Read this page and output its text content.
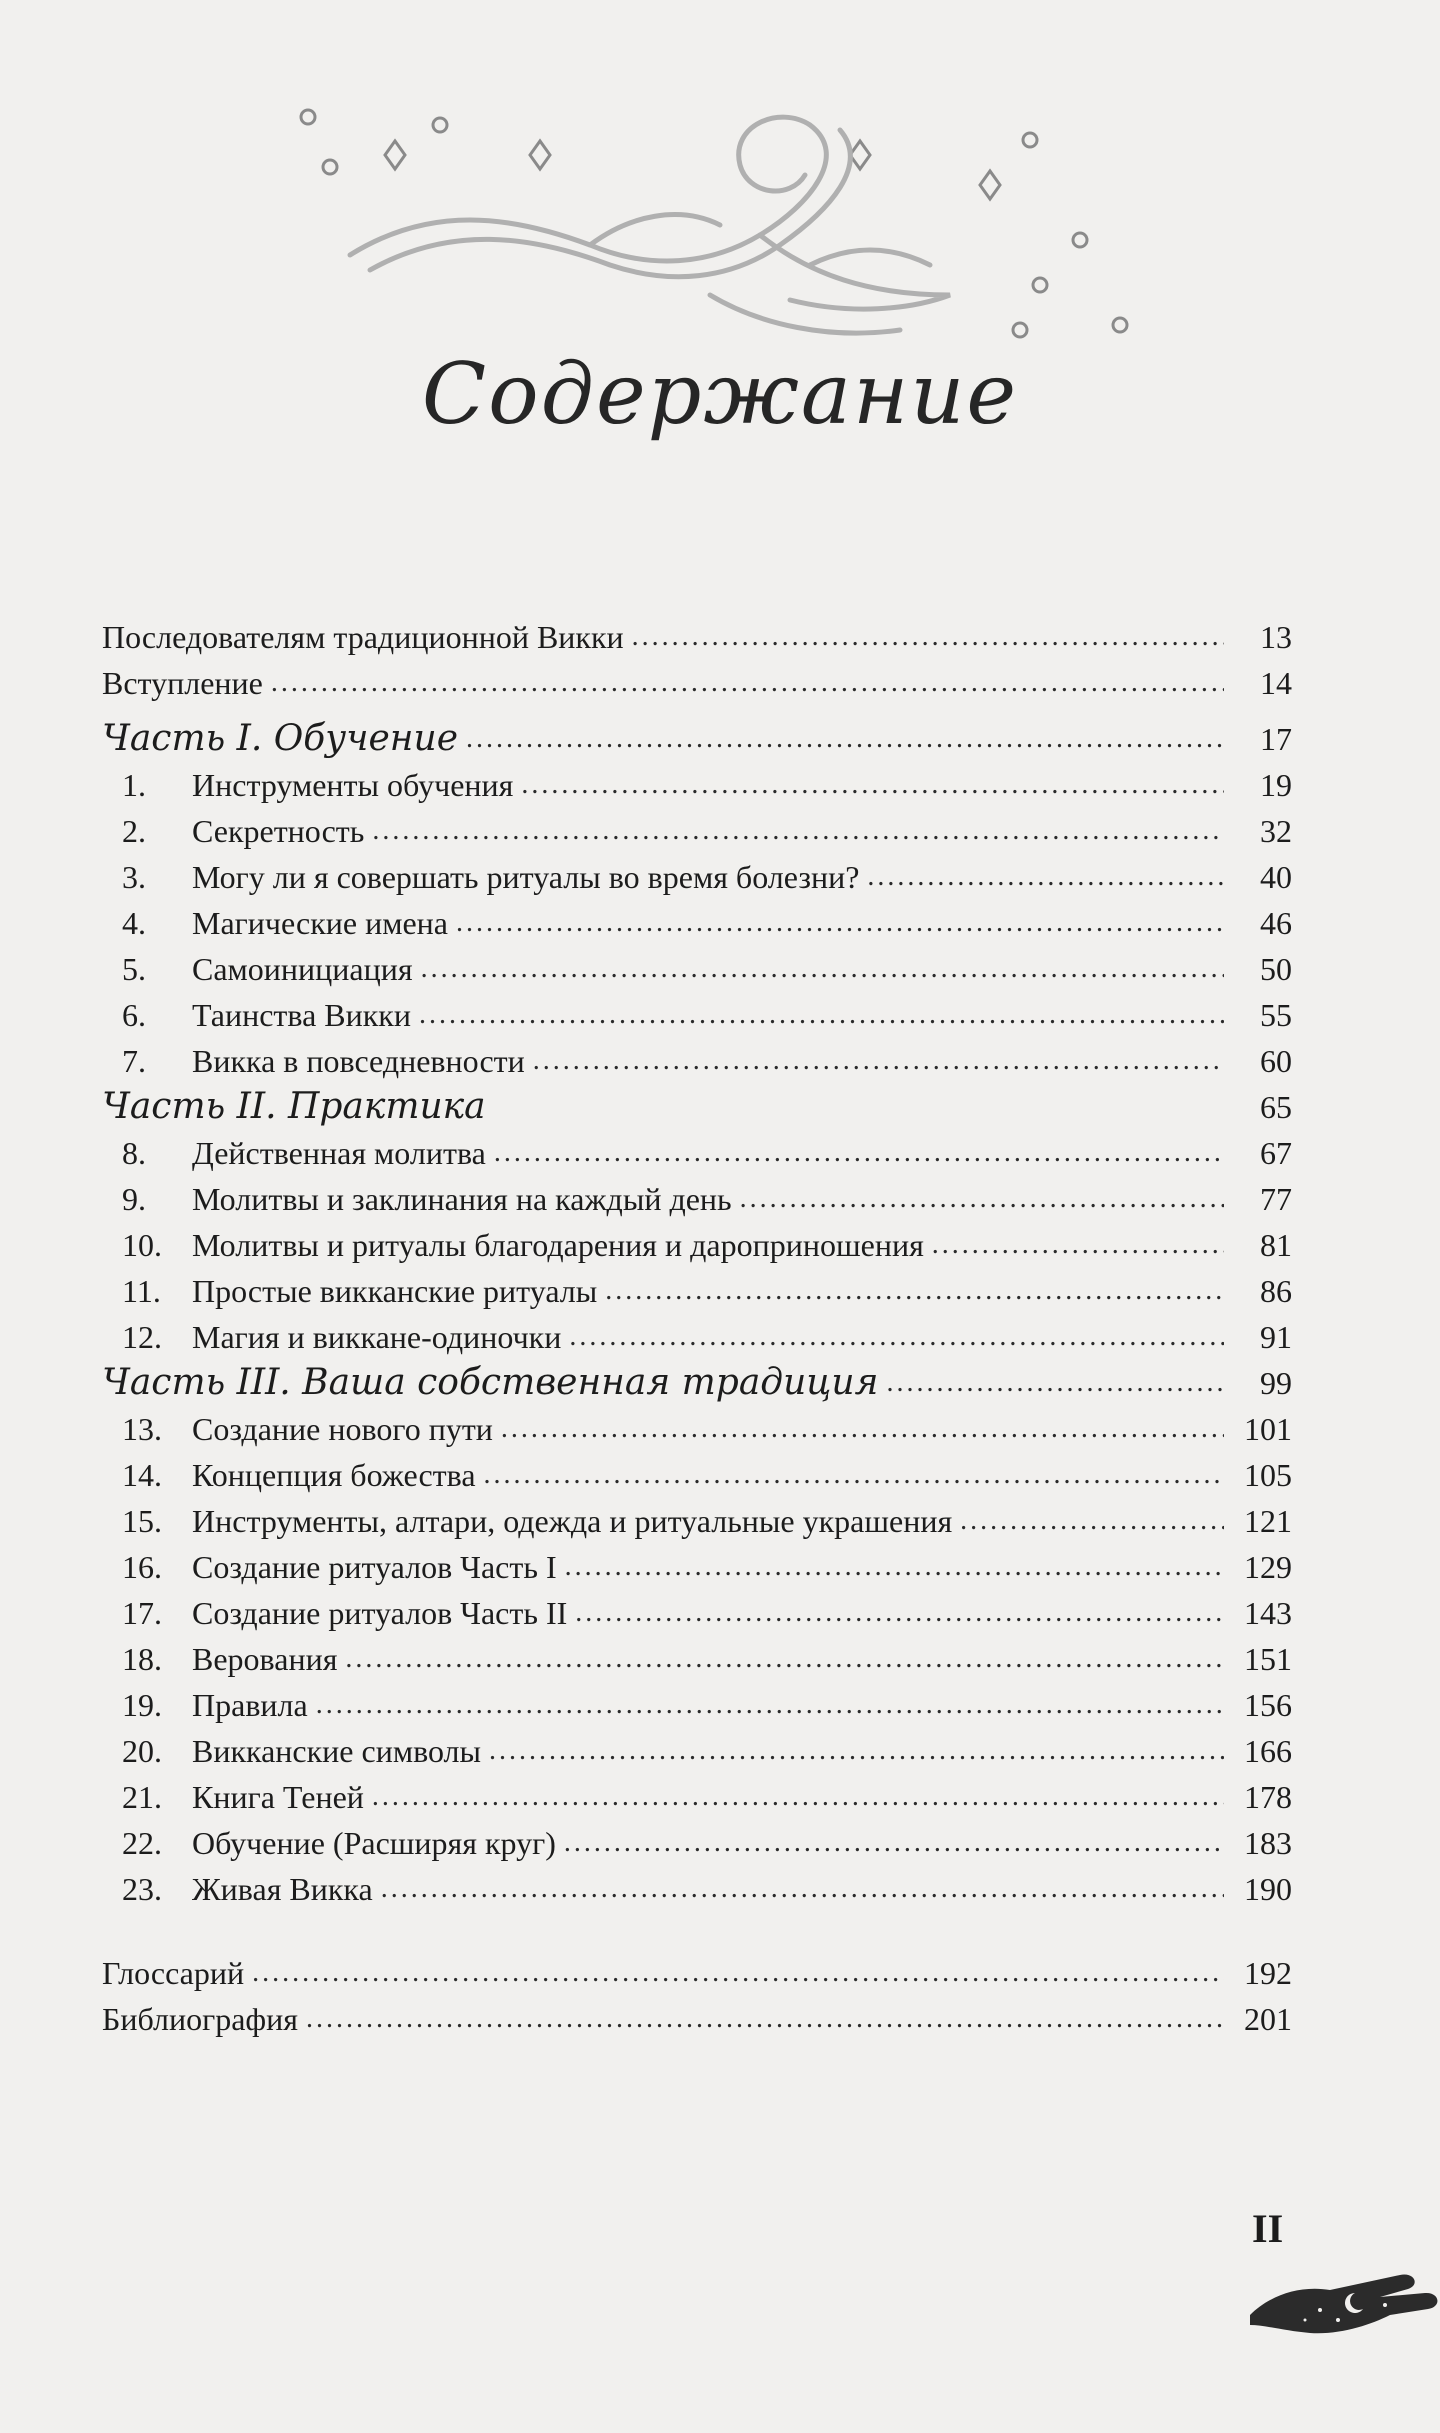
Содержание
Последователям традиционной Викки . . .	13
Вступление . . .	14
Часть I. Обучение . . .	17
1.	Инструменты обучения . . .	19
2.	Секретность . . .	32
3.	Могу ли я совершать ритуалы во время болезни? . . .	40
4.	Магические имена . . .	46
5.	Самоинициация . . .	50
6.	Таинства Викки . . .	55
7.	Викка в повседневности . . .	60
Часть II. Практика	65
8.	Действенная молитва . . .	67
9.	Молитвы и заклинания на каждый день . . .	77
10. Молитвы и ритуалы благодарения и дароприношения . . .	81
11. Простые викканские ритуалы . . .	86
12. Магия и виккане-одиночки . . .	91
Часть III. Ваша собственная традиция . . .	99
13. Создание нового пути . . .	101
14. Концепция божества . . .	105
15. Инструменты, алтари, одежда и ритуальные украшения . . .	121
16. Создание ритуалов Часть I . . .	129
17. Создание ритуалов Часть II . . .	143
18. Верования . . .	151
19. Правила . . .	156
20. Викканские символы . . .	166
21. Книга Теней . . .	178
22. Обучение (Расширяя круг) . . .	183
23. Живая Викка . . .	190
Глоссарий . . .	192
Библиография . . .	201
II
